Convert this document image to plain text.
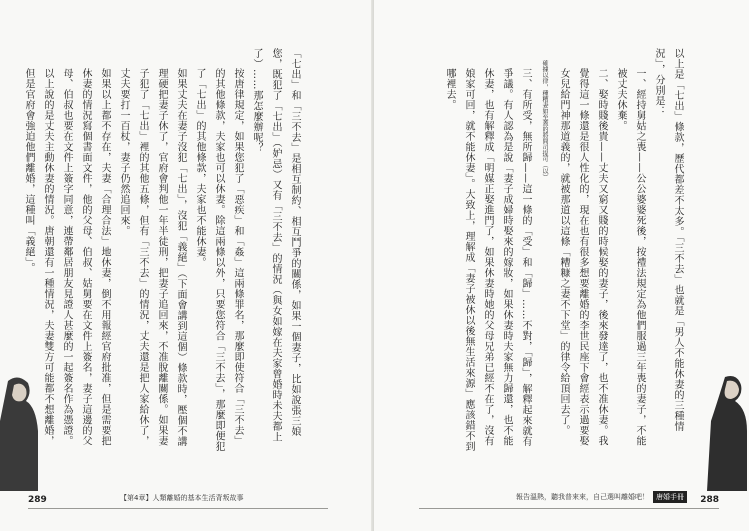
「七出」和「三不去」是相互制約、相互鬥爭的關係，如果一個妻子，比如說張三娘您，既犯了「七出」（妒忌）又有「三不去」的情況（與女如嫁在夫家曾婚時未夫都上了）……那怎麼辦呢？

按唐律規定，如果您犯了「惡疾」和「姦」這兩條罪名，那麼即使符合「三不去」的其他條款，夫家也可以休妻。除這兩條以外，只要您符合「三不去」，那麼即便犯了「七出」的其他條款，夫家也不能休妻。

如果丈夫在妻子沒犯「七出」，沒犯「義絕」（下面會講到這個）條款時，壓個不講理硬把妻子休了，官府會判他一年半徒刑，把妻子追回來，不准脫離關係。如果妻子犯了「七出」裡的其他五條，但有「三不去」的情況，丈夫還是把人家給休了，丈夫要打一百杖，妻子仍然追回來。

如果以上都不存在，夫妻「合理合法」地休妻，倒不用報經官府批准，但是需要把休妻的情況寫個書面文件，他的父母、伯叔、姑舅要在文件上簽名，妻子這邊的父母、伯叔也要在文件上簽字同意，連帶鄰居朋友見證人甚麼的一起簽名作為憑證。

以上說的是丈夫主動休妻的情況。唐朝還有一種情況，夫妻雙方可能都不想離婚，但是官府會強迫他們離婚，這種叫「義絕」。

289	【第4章】人類離婚的基本生活背叛故事

以上是「七出」條款，歷代都差不太多。「三不去」也就是「男人不能休妻的三種情況」，分別是：

一、經持舅姑之喪——公公婆婆死後，按禮法規定為他們服過三年喪的妻子，不能被丈夫休棄。

二、娶時賤後貴——丈夫又窮又賤的時候娶的妻子，後來發達了，也不准休妻。我覺得這一條還是很人性化的，現在也有很多想要離婚的李世民座下會經表示過要娶女兒給門神那道義的，就被那道以這條「糟糠之妻不下堂」的律令給頂回去了。

確據以律，種糟妻如至蓋的將間司提可（以）

三、有所受，無所歸——這一條的「受」和「歸」……不對，「歸」，解釋起來就有爭議。有人認為是說「妻子成婦時娶來的嫁妝，如果休妻時夫家無力歸還，也不能休妻，也有解釋成「明媒正娶進門了，如果休妻時她的父母兄弟已經不在了，沒有娘家可回，就不能休妻」。大致上，理解成「妻子被休以後無生活來源」應該錯不到哪裡去。

報告溫熱，聽我普來來，自己選叫離婚吧！ 唐婚手冊	288
